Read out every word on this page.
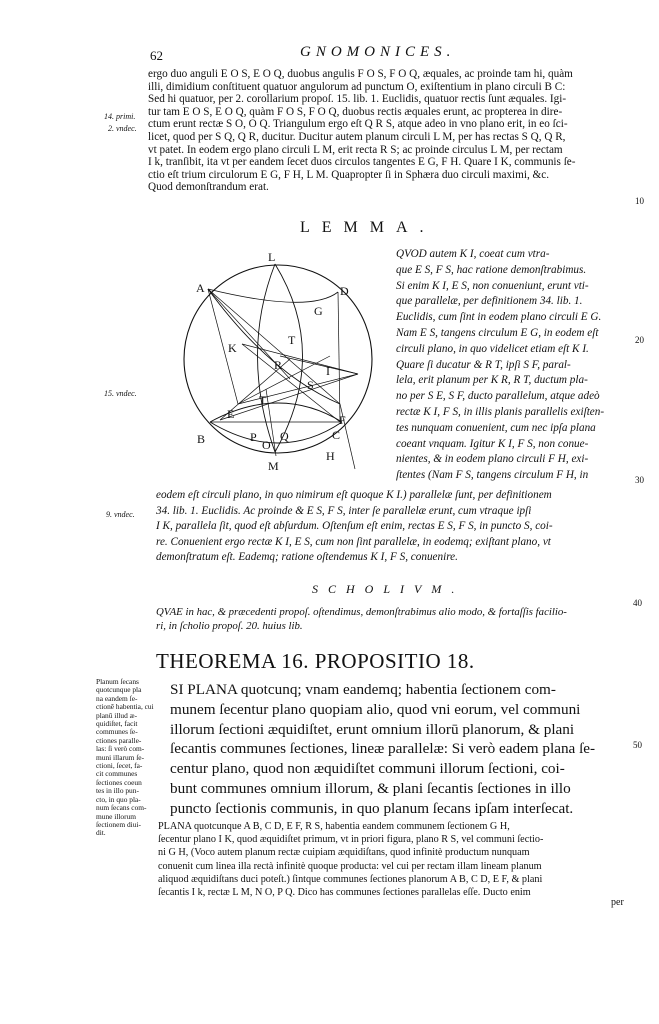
62	GNOMONICES.
ergo duo anguli E O S, E O Q, duobus angulis F O S, F O Q, æquales, ac proinde tam hi, quàm
illi, dimidium conſtituent quatuor angulorum ad punctum O, exiſtentium in plano circuli B C:
Sed hi quatuor, per 2. corollarium propoſ. 15. lib. 1. Euclidis, quatuor rectis ſunt æquales. Igi-
tur tam E O S, E O Q, quàm F O S, F O Q, duobus rectis æquales erunt, ac propterea in dire-
ctum erunt rectæ S O, O Q. Triangulum ergo eſt Q R S, atque adeo in vno plano erit, in eo ſci-
licet, quod per S Q, Q R, ducitur. Ducitur autem planum circuli L M, per has rectas S Q, Q R,
vt patet. In eodem ergo plano circuli L M, erit recta R S; ac proinde circulus L M, per rectam
I k, tranſibit, ita vt per eandem ſecet duos circulos tangentes E G, F H. Quare I K, communis ſe-
ctio eſt trium circulorum E G, F H, L M. Quapropter ſi in Sphæra duo circuli maximi, &c.
Quod demonſtrandum erat.
14. primi.
2. vndec.
15. vndec.
9. vndec.
10
20
30
40
50
LEMMA.
L
A	D
G
K
T
I
R
S
E
T
B	P
O
Q	C
F
H
M
QVOD autem K I, coeat cum vtra-
que E S, F S, hac ratione demonſtrabimus.
Si enim K I, E S, non conueniunt, erunt vti-
que parallelæ, per definitionem 34. lib. 1.
Euclidis, cum ſint in eodem plano circuli E G.
Nam E S, tangens circulum E G, in eodem eſt
circuli plano, in quo videlicet etiam eſt K I.
Quare ſi ducatur & R T, ipſi S F, paral-
lela, erit planum per K R, R T, ductum pla-
no per S E, S F, ducto parallelum, atque adeò
rectæ K I, F S, in illis planis parallelis exiſten-
tes nunquam conuenient, cum nec ipſa plana
coeant vnquam. Igitur K I, F S, non conue-
nientes, & in eodem plano circuli F H, exi-
ſtentes (Nam F S, tangens circulum F H, in
eodem eſt circuli plano, in quo nimirum eſt quoque K I.) parallelæ ſunt, per definitionem
34. lib. 1. Euclidis. Ac proinde & E S, F S, inter ſe parallelæ erunt, cum vtraque ipſi
I K, parallela ſit, quod eſt abſurdum. Oſtenſum eſt enim, rectas E S, F S, in puncto S, coi-
re. Conuenient ergo rectæ K I, E S, cum non ſint parallelæ, in eodemq; exiſtant plano, vt
demonſtratum eſt. Eademq; ratione oſtendemus K I, F S, conuenire.
SCHOLIVM.
QVAE in hac, & præcedenti propoſ. oſtendimus, demonſtrabimus alio modo, & fortaſſis facilio-
ri, in ſcholio propoſ. 20. huius lib.
THEOREMA 16. PROPOSITIO 18.
Planum ſecans
quotcunque pla
na eandem ſe-
ctionē habentia, cui
planū illud æ-
quidiſtet, facit
communes ſe-
ctiones paralle-
las: ſi verò com-
muni illarum ſe-
ctioni, ſecet, fa-
cit communes
ſectiones coeun
tes in illo pun-
cto, in quo pla-
num ſecans com-
mune illorum
ſectionem diui-
dit.
SI PLANA quotcunq; vnam eandemq; habentia ſectionem com-
munem ſecentur plano quopiam alio, quod vni eorum, vel communi
illorum ſectioni æquidiſtet, erunt omnium illorū planorum, & plani
ſecantis communes ſectiones, lineæ parallelæ: Si verò eadem plana ſe-
centur plano, quod non æquidiſtet communi illorum ſectioni, coi-
bunt communes omnium illorum, & plani ſecantis ſectiones in illo
puncto ſectionis communis, in quo planum ſecans ipſam interſecat.
PLANA quotcunque A B, C D, E F, R S, habentia eandem communem ſectionem G H,
ſecentur plano I K, quod æquidiſtet primum, vt in priori figura, plano R S, vel communi ſectio-
ni G H, (Voco autem planum rectæ cuipiam æquidiſtans, quod infinitè productum nunquam
conuenit cum linea illa rectà infinitè quoque producta: vel cui per rectam illam lineam planum
aliquod æquidiſtans duci poteſt.) ſintque communes ſectiones planorum A B, C D, E F, & plani
ſecantis I k, rectæ L M, N O, P Q. Dico has communes ſectiones parallelas eſſe. Ducto enim
per
